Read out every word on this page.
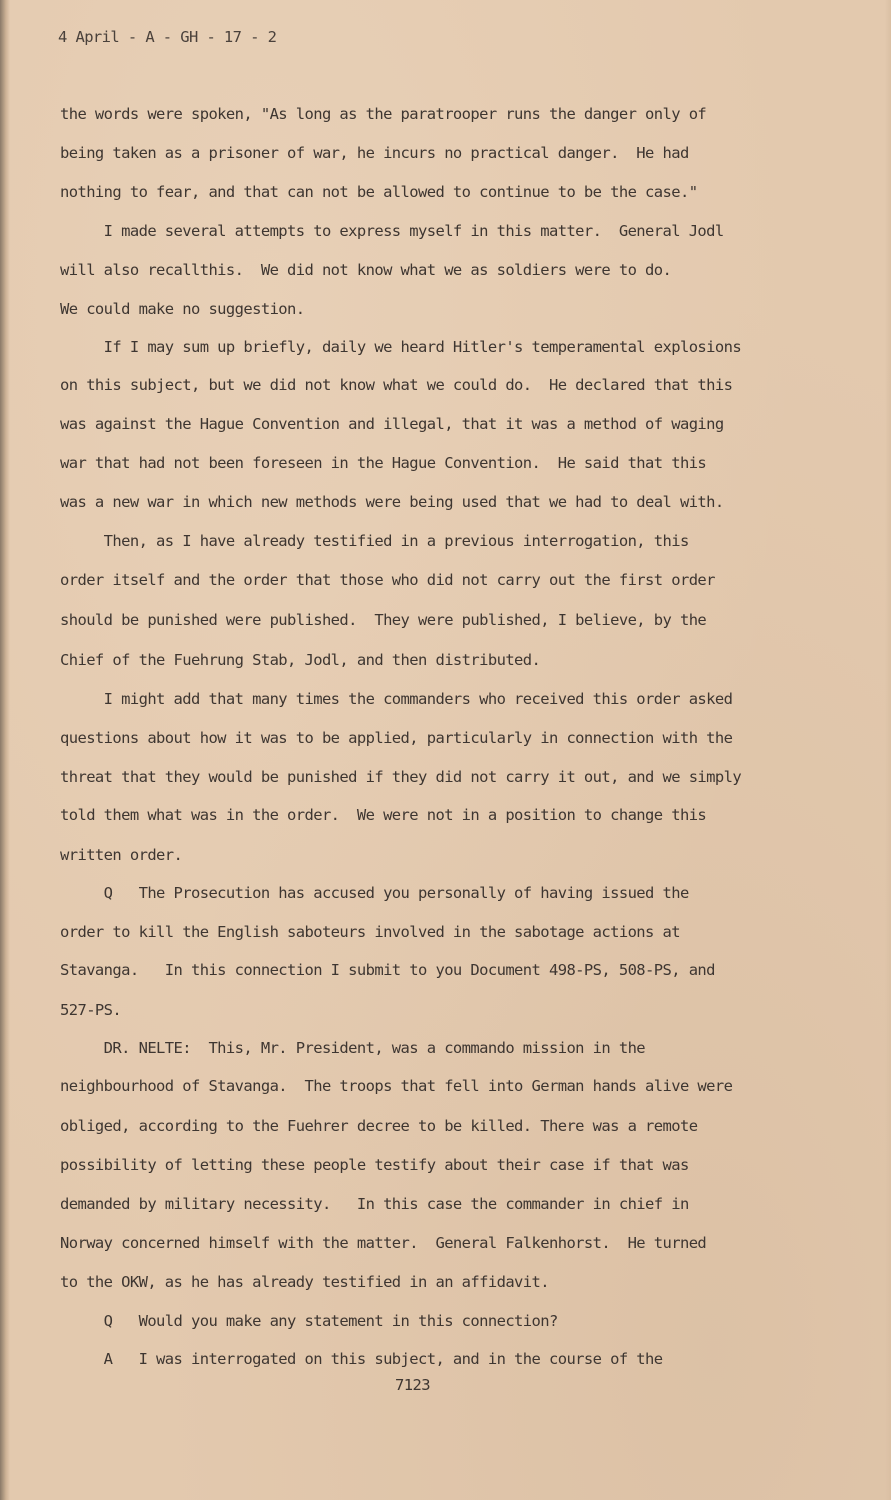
4 April - A - GH - 17 - 2
the words were spoken, "As long as the paratrooper runs the danger only of
being taken as a prisoner of war, he incurs no practical danger.  He had
nothing to fear, and that can not be allowed to continue to be the case."
I made several attempts to express myself in this matter.  General Jodl
will also recallthis.  We did not know what we as soldiers were to do.
We could make no suggestion.
If I may sum up briefly, daily we heard Hitler's temperamental explosions
on this subject, but we did not know what we could do.  He declared that this
was against the Hague Convention and illegal, that it was a method of waging
war that had not been foreseen in the Hague Convention.  He said that this
was a new war in which new methods were being used that we had to deal with.
Then, as I have already testified in a previous interrogation, this
order itself and the order that those who did not carry out the first order
should be punished were published.  They were published, I believe, by the
Chief of the Fuehrung Stab, Jodl, and then distributed.
I might add that many times the commanders who received this order asked
questions about how it was to be applied, particularly in connection with the
threat that they would be punished if they did not carry it out, and we simply
told them what was in the order.  We were not in a position to change this
written order.
Q   The Prosecution has accused you personally of having issued the
order to kill the English saboteurs involved in the sabotage actions at
Stavanga.   In this connection I submit to you Document 498-PS, 508-PS, and
527-PS.
DR. NELTE:  This, Mr. President, was a commando mission in the
neighbourhood of Stavanga.  The troops that fell into German hands alive were
obliged, according to the Fuehrer decree to be killed. There was a remote
possibility of letting these people testify about their case if that was
demanded by military necessity.   In this case the commander in chief in
Norway concerned himself with the matter.  General Falkenhorst.  He turned
to the OKW, as he has already testified in an affidavit.
Q   Would you make any statement in this connection?
A   I was interrogated on this subject, and in the course of the
7123
